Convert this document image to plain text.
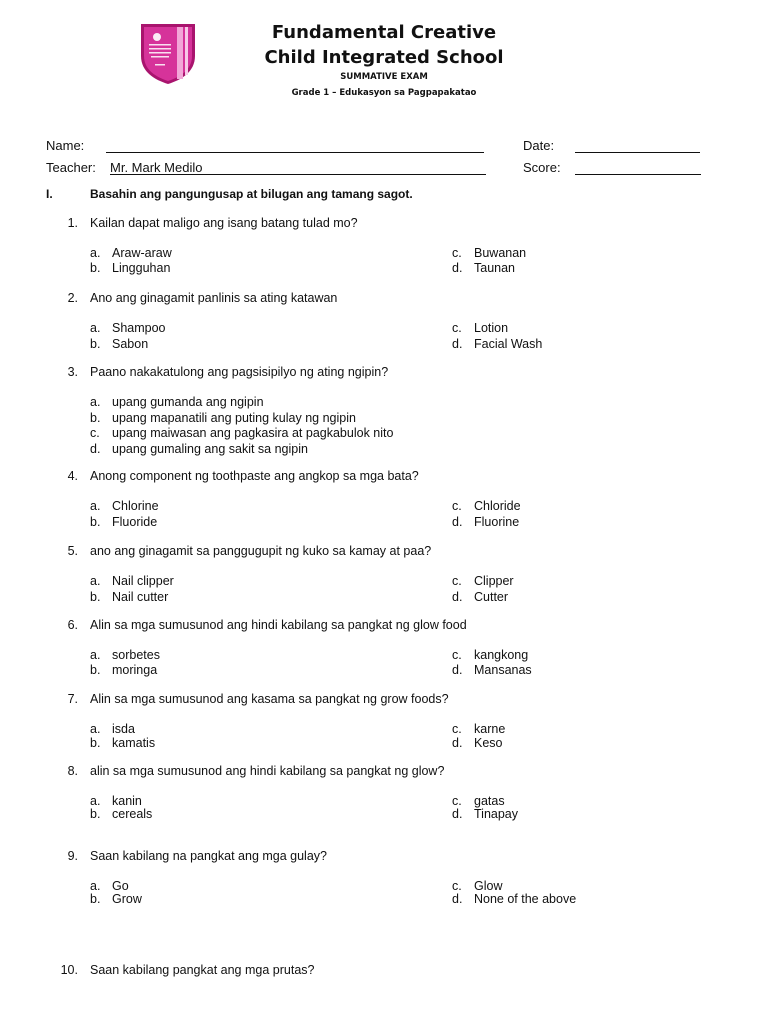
Fundamental Creative
Child Integrated School
SUMMATIVE EXAM
Grade 1 – Edukasyon sa Pagpapakatao
Name:	Date:
Teacher: Mr. Mark Medilo	Score:
I.	Basahin ang pangungusap at bilugan ang tamang sagot.
1. Kailan dapat maligo ang isang batang tulad mo?
a. Araw-araw
b. Lingguhan
c. Buwanan
d. Taunan
2. Ano ang ginagamit panlinis sa ating katawan
a. Shampoo
b. Sabon
c. Lotion
d. Facial Wash
3. Paano nakakatulong ang pagsisipilyo ng ating ngipin?
a. upang gumanda ang ngipin
b. upang mapanatili ang puting kulay ng ngipin
c. upang maiwasan ang pagkasira at pagkabulok nito
d. upang gumaling ang sakit sa ngipin
4. Anong component ng toothpaste ang angkop sa mga bata?
a. Chlorine
b. Fluoride
c. Chloride
d. Fluorine
5. ano ang ginagamit sa panggugupit ng kuko sa kamay at paa?
a. Nail clipper
b. Nail cutter
c. Clipper
d. Cutter
6. Alin sa mga sumusunod ang hindi kabilang sa pangkat ng glow food
a. sorbetes
b. moringa
c. kangkong
d. Mansanas
7. Alin sa mga sumusunod ang kasama sa pangkat ng grow foods?
a. isda
b. kamatis
c. karne
d. Keso
8. alin sa mga sumusunod ang hindi kabilang sa pangkat ng glow?
a. kanin
b. cereals
c. gatas
d. Tinapay
9. Saan kabilang na pangkat ang mga gulay?
a. Go
b. Grow
c. Glow
d. None of the above
10. Saan kabilang pangkat ang mga prutas?
